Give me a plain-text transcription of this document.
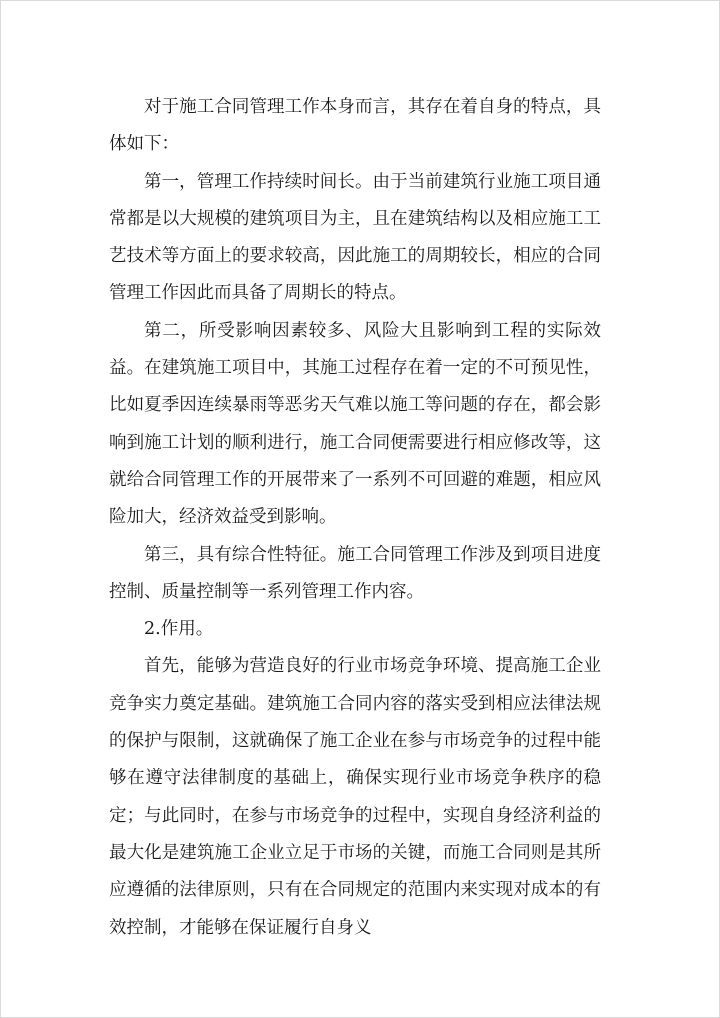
对于施工合同管理工作本身而言，其存在着自身的特点，具体如下：

第一，管理工作持续时间长。由于当前建筑行业施工项目通常都是以大规模的建筑项目为主，且在建筑结构以及相应施工工艺技术等方面上的要求较高，因此施工的周期较长，相应的合同管理工作因此而具备了周期长的特点。

第二，所受影响因素较多、风险大且影响到工程的实际效益。在建筑施工项目中，其施工过程存在着一定的不可预见性，比如夏季因连续暴雨等恶劣天气难以施工等问题的存在，都会影响到施工计划的顺利进行，施工合同便需要进行相应修改等，这就给合同管理工作的开展带来了一系列不可回避的难题，相应风险加大，经济效益受到影响。

第三，具有综合性特征。施工合同管理工作涉及到项目进度控制、质量控制等一系列管理工作内容。

2.作用。

首先，能够为营造良好的行业市场竞争环境、提高施工企业竞争实力奠定基础。建筑施工合同内容的落实受到相应法律法规的保护与限制，这就确保了施工企业在参与市场竞争的过程中能够在遵守法律制度的基础上，确保实现行业市场竞争秩序的稳定；与此同时，在参与市场竞争的过程中，实现自身经济利益的最大化是建筑施工企业立足于市场的关键，而施工合同则是其所应遵循的法律原则，只有在合同规定的范围内来实现对成本的有效控制，才能够在保证履行自身义
